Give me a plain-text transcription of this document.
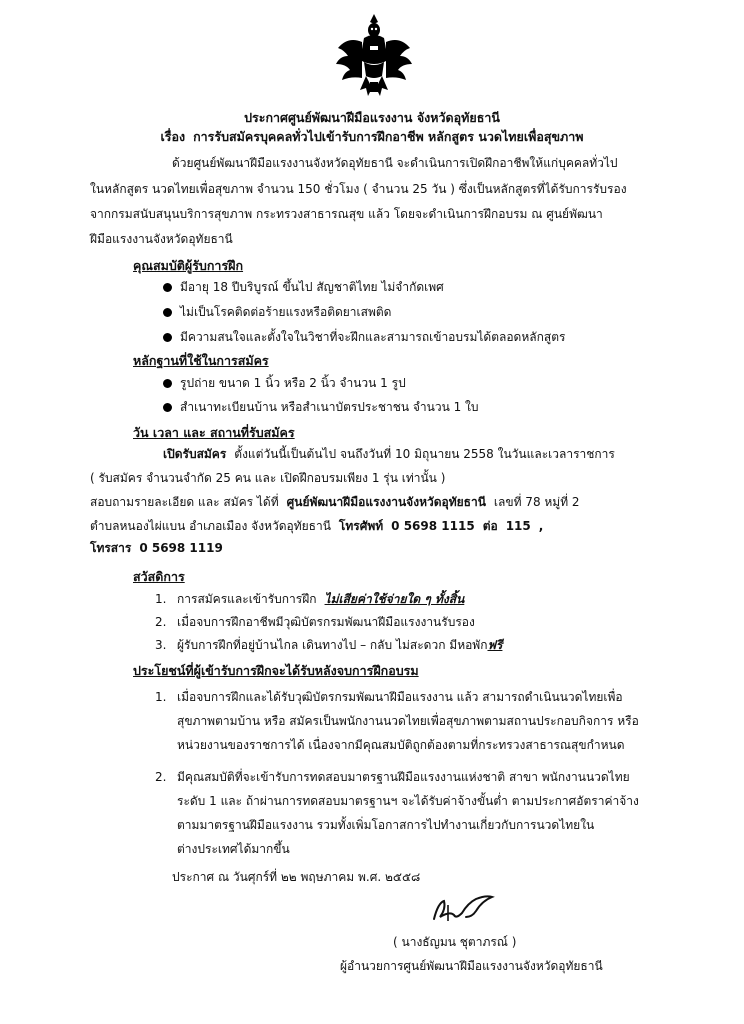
ประกาศศูนย์พัฒนาฝีมือแรงงาน จังหวัดอุทัยธานี
เรื่อง การรับสมัครบุคคลทั่วไปเข้ารับการฝึกอาชีพ หลักสูตร นวดไทยเพื่อสุขภาพ
ด้วยศูนย์พัฒนาฝีมือแรงงานจังหวัดอุทัยธานี จะดำเนินการเปิดฝึกอาชีพให้แก่บุคคลทั่วไป
ในหลักสูตร นวดไทยเพื่อสุขภาพ จำนวน 150 ชั่วโมง ( จำนวน 25 วัน ) ซึ่งเป็นหลักสูตรที่ได้รับการรับรอง
จากกรมสนับสนุนบริการสุขภาพ กระทรวงสาธารณสุข แล้ว โดยจะดำเนินการฝึกอบรม ณ ศูนย์พัฒนา
ฝีมือแรงงานจังหวัดอุทัยธานี
คุณสมบัติผู้รับการฝึก
มีอายุ 18 ปีบริบูรณ์ ขึ้นไป สัญชาติไทย ไม่จำกัดเพศ
ไม่เป็นโรคติดต่อร้ายแรงหรือติดยาเสพติด
มีความสนใจและตั้งใจในวิชาที่จะฝึกและสามารถเข้าอบรมได้ตลอดหลักสูตร
หลักฐานที่ใช้ในการสมัคร
รูปถ่าย ขนาด 1 นิ้ว หรือ 2 นิ้ว จำนวน 1 รูป
สำเนาทะเบียนบ้าน หรือสำเนาบัตรประชาชน จำนวน 1 ใบ
วัน เวลา และ สถานที่รับสมัคร
เปิดรับสมัคร ตั้งแต่วันนี้เป็นต้นไป จนถึงวันที่ 10 มิถุนายน 2558 ในวันและเวลาราชการ
( รับสมัคร จำนวนจำกัด 25 คน และ เปิดฝึกอบรมเพียง 1 รุ่น เท่านั้น )
สอบถามรายละเอียด และ สมัคร ได้ที่ ศูนย์พัฒนาฝีมือแรงงานจังหวัดอุทัยธานี เลขที่ 78 หมู่ที่ 2
ตำบลหนองไผ่แบน อำเภอเมือง จังหวัดอุทัยธานี โทรศัพท์ 0 5698 1115 ต่อ 115 ,
โทรสาร 0 5698 1119
สวัสดิการ
1. การสมัครและเข้ารับการฝึก ไม่เสียค่าใช้จ่ายใด ๆ ทั้งสิ้น
2. เมื่อจบการฝึกอาชีพมีวุฒิบัตรกรมพัฒนาฝีมือแรงงานรับรอง
3. ผู้รับการฝึกที่อยู่บ้านไกล เดินทางไป – กลับ ไม่สะดวก มีหอพักฟรี
ประโยชน์ที่ผู้เข้ารับการฝึกจะได้รับหลังจบการฝึกอบรม
1. เมื่อจบการฝึกและได้รับวุฒิบัตรกรมพัฒนาฝีมือแรงงาน แล้ว สามารถดำเนินนวดไทยเพื่อ
สุขภาพตามบ้าน หรือ สมัครเป็นพนักงานนวดไทยเพื่อสุขภาพตามสถานประกอบกิจการ หรือ
หน่วยงานของราชการได้ เนื่องจากมีคุณสมบัติถูกต้องตามที่กระทรวงสาธารณสุขกำหนด
2. มีคุณสมบัติที่จะเข้ารับการทดสอบมาตรฐานฝีมือแรงงานแห่งชาติ สาขา พนักงานนวดไทย
ระดับ 1 และ ถ้าผ่านการทดสอบมาตรฐานฯ จะได้รับค่าจ้างขั้นต่ำ ตามประกาศอัตราค่าจ้าง
ตามมาตรฐานฝีมือแรงงาน รวมทั้งเพิ่มโอกาสการไปทำงานเกี่ยวกับการนวดไทยใน
ต่างประเทศได้มากขึ้น
ประกาศ ณ วันศุกร์ที่ ๒๒ พฤษภาคม พ.ศ. ๒๕๕๘
( นางธัญมน ชุตาภรณ์ )
ผู้อำนวยการศูนย์พัฒนาฝีมือแรงงานจังหวัดอุทัยธานี
